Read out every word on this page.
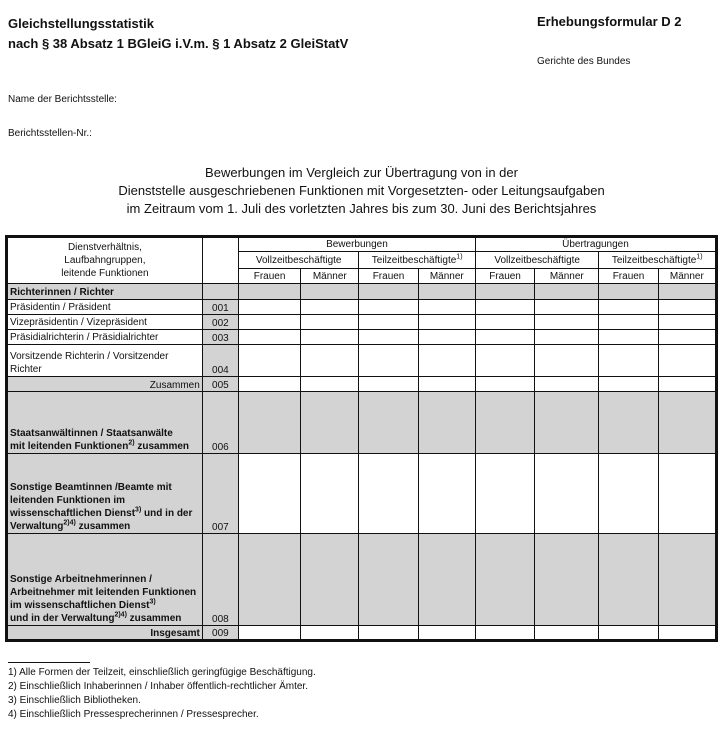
Gleichstellungsstatistik
nach § 38 Absatz 1 BGleiG i.V.m. § 1 Absatz 2 GleiStatV
Erhebungsformular D 2
Gerichte des Bundes
Name der Berichtsstelle:
Berichtsstellen-Nr.:
Bewerbungen im Vergleich zur Übertragung von in der
Dienststelle ausgeschriebenen Funktionen mit Vorgesetzten- oder Leitungsaufgaben
im Zeitraum vom 1. Juli des vorletzten Jahres bis zum 30. Juni des Berichtsjahres
Dienstverhältnis,
Laufbahngruppen,
leitende Funktionen		Bewerbungen				Übertragungen			
		Vollzeitbeschäftigte		Teilzeitbeschäftigte$^{1)}$		Vollzeitbeschäftigte		Teilzeitbeschäftigte$^{1)}$
		Frauen	Männer	Frauen	Männer	Frauen	Männer	Frauen	Männer
Richterinnen / Richter									
Präsidentin / Präsident	001								
Vizepräsidentin / Vizepräsident	002								
Präsidialrichterin / Präsidialrichter	003								
Vorsitzende Richterin / Vorsitzender Richter	004								
Zusammen	005								
Staatsanwältinnen / Staatsanwälte
mit leitenden Funktionen$^{2)}$ zusammen	006								
Sonstige Beamtinnen /Beamte mit leitenden Funktionen im wissenschaftlichen Dienst$^{3)}$ und in der Verwaltung$^{2)4)}$ zusammen	007								
Sonstige Arbeitnehmerinnen / Arbeitnehmer mit leitenden Funktionen im wissenschaftlichen Dienst$^{3)}$
und in der Verwaltung$^{2)4)}$ zusammen	008								
Insgesamt	009								
1) Alle Formen der Teilzeit, einschließlich geringfügige Beschäftigung.
2) Einschließlich Inhaberinnen / Inhaber öffentlich-rechtlicher Ämter.
3) Einschließlich Bibliotheken.
4) Einschließlich Pressesprecherinnen / Pressesprecher.
